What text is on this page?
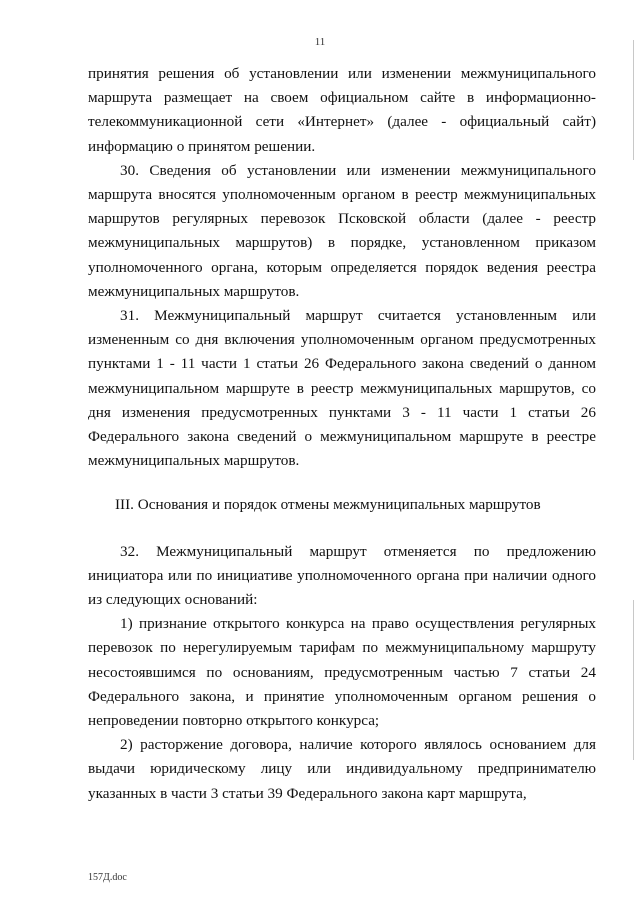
11

принятия решения об установлении или изменении межмуниципального маршрута размещает на своем официальном сайте в информационно-телекоммуникационной сети «Интернет» (далее - официальный сайт) информацию о принятом решении.

30. Сведения об установлении или изменении межмуниципального маршрута вносятся уполномоченным органом в реестр межмуниципальных маршрутов регулярных перевозок Псковской области (далее - реестр межмуниципальных маршрутов) в порядке, установленном приказом уполномоченного органа, которым определяется порядок ведения реестра межмуниципальных маршрутов.

31. Межмуниципальный маршрут считается установленным или измененным со дня включения уполномоченным органом предусмотренных пунктами 1 - 11 части 1 статьи 26 Федерального закона сведений о данном межмуниципальном маршруте в реестр межмуниципальных маршрутов, со дня изменения предусмотренных пунктами 3 - 11 части 1 статьи 26 Федерального закона сведений о межмуниципальном маршруте в реестре межмуниципальных маршрутов.

III. Основания и порядок отмены межмуниципальных маршрутов

32. Межмуниципальный маршрут отменяется по предложению инициатора или по инициативе уполномоченного органа при наличии одного из следующих оснований:

1) признание открытого конкурса на право осуществления регулярных перевозок по нерегулируемым тарифам по межмуниципальному маршруту несостоявшимся по основаниям, предусмотренным частью 7 статьи 24 Федерального закона, и принятие уполномоченным органом решения о непроведении повторно открытого конкурса;

2) расторжение договора, наличие которого являлось основанием для выдачи юридическому лицу или индивидуальному предпринимателю указанных в части 3 статьи 39 Федерального закона карт маршрута,

157Д.doc
